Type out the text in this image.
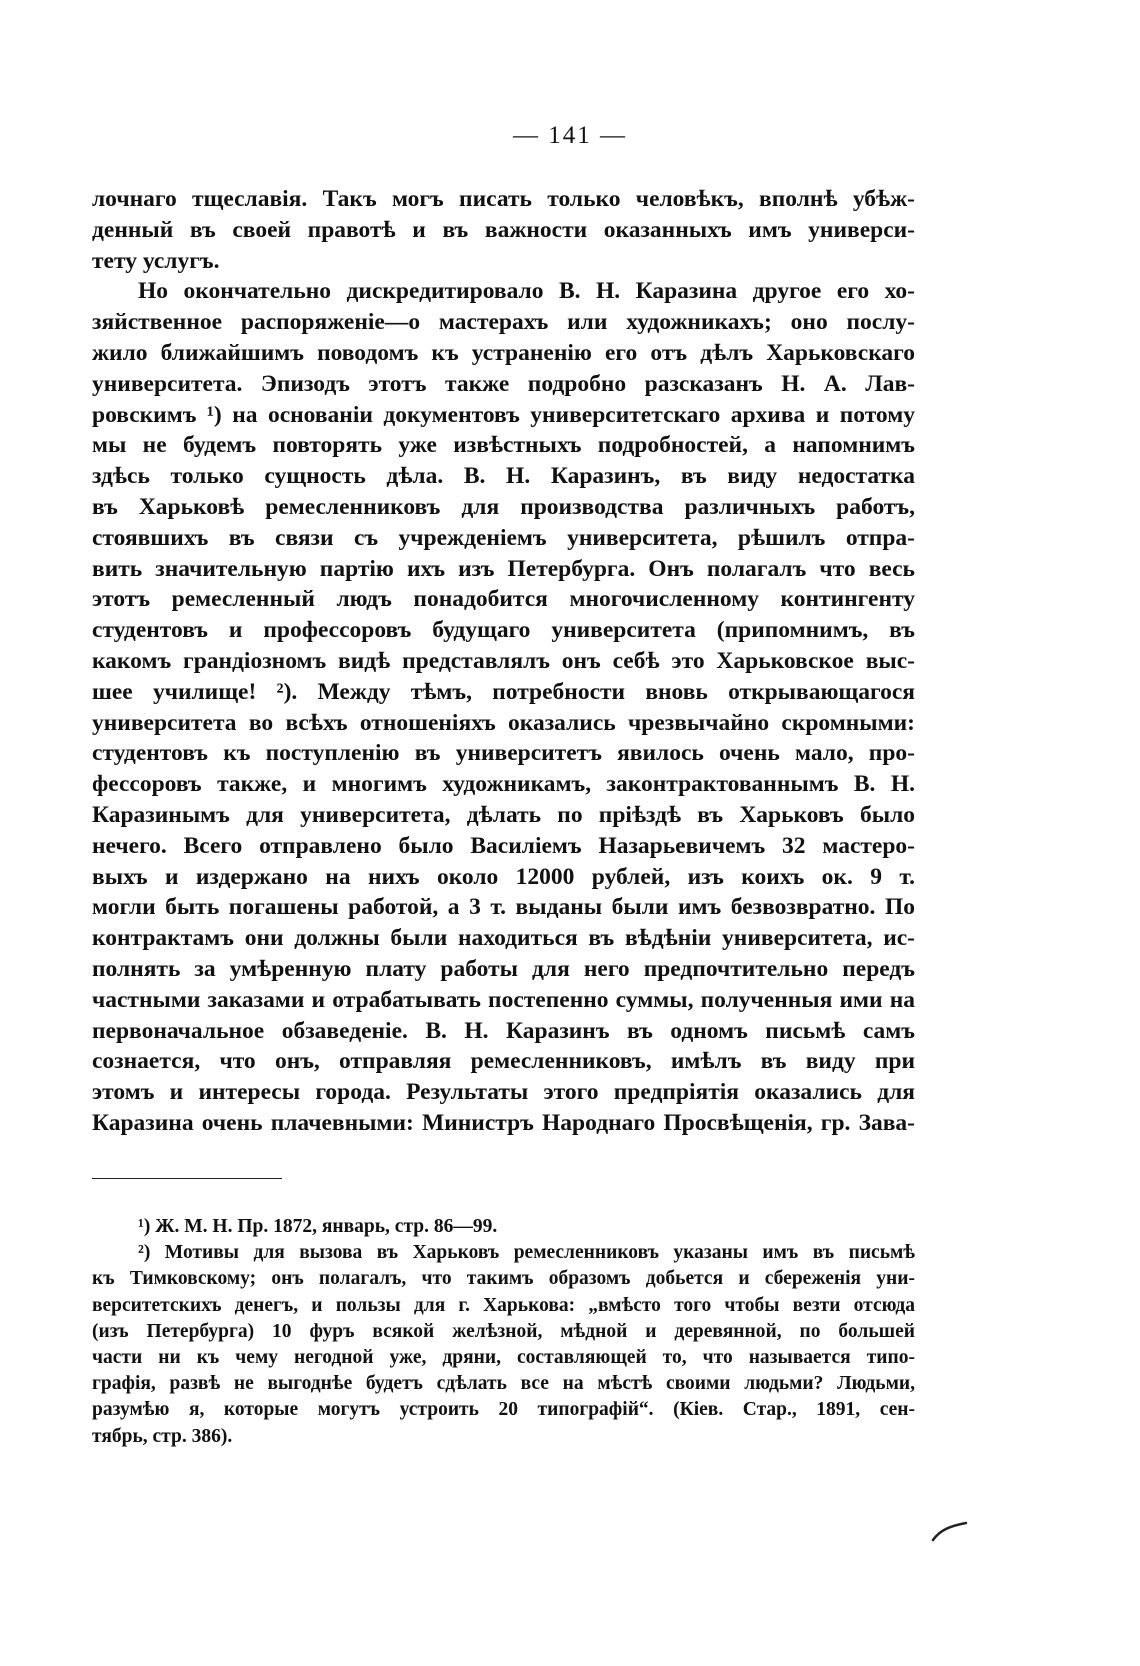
— 141 —
лочнаго тщеславія. Такъ могъ писать только человѣкъ, вполнѣ убѣж-
денный въ своей правотѣ и въ важности оказанныхъ имъ универси-
тету услугъ.
Но окончательно дискредитировало В. Н. Каразина другое его хо-
зяйственное распоряженіе—о мастерахъ или художникахъ; оно послу-
жило ближайшимъ поводомъ къ устраненію его отъ дѣлъ Харьковскаго
университета. Эпизодъ этотъ также подробно разсказанъ Н. А. Лав-
ровскимъ ¹) на основаніи документовъ университетскаго архива и потому
мы не будемъ повторять уже извѣстныхъ подробностей, а напомнимъ
здѣсь только сущность дѣла. В. Н. Каразинъ, въ виду недостатка
въ Харьковѣ ремесленниковъ для производства различныхъ работъ,
стоявшихъ въ связи съ учрежденіемъ университета, рѣшилъ отпра-
вить значительную партію ихъ изъ Петербурга. Онъ полагалъ что весь
этотъ ремесленный людъ понадобится многочисленному контингенту
студентовъ и профессоровъ будущаго университета (припомнимъ, въ
какомъ грандіозномъ видѣ представлялъ онъ себѣ это Харьковское выс-
шее училище! ²). Между тѣмъ, потребности вновь открывающагося
университета во всѣхъ отношеніяхъ оказались чрезвычайно скромными:
студентовъ къ поступленію въ университетъ явилось очень мало, про-
фессоровъ также, и многимъ художникамъ, законтрактованнымъ В. Н.
Каразинымъ для университета, дѣлать по пріѣздѣ въ Харьковъ было
нечего. Всего отправлено было Василіемъ Назарьевичемъ 32 мастеро-
выхъ и издержано на нихъ около 12000 рублей, изъ коихъ ок. 9 т.
могли быть погашены работой, а 3 т. выданы были имъ безвозвратно. По
контрактамъ они должны были находиться въ вѣдѣніи университета, ис-
полнять за умѣренную плату работы для него предпочтительно передъ
частными заказами и отрабатывать постепенно суммы, полученныя ими на
первоначальное обзаведеніе. В. Н. Каразинъ въ одномъ письмѣ самъ
сознается, что онъ, отправляя ремесленниковъ, имѣлъ въ виду при
этомъ и интересы города. Результаты этого предпріятія оказались для
Каразина очень плачевными: Министръ Народнаго Просвѣщенія, гр. Зава-
¹) Ж. М. Н. Пр. 1872, январь, стр. 86—99.
²) Мотивы для вызова въ Харьковъ ремесленниковъ указаны имъ въ письмѣ
къ Тимковскому; онъ полагалъ, что такимъ образомъ добьется и сбереженія уни-
верситетскихъ денегъ, и пользы для г. Харькова: „вмѣсто того чтобы везти отсюда
(изъ Петербурга) 10 фуръ всякой желѣзной, мѣдной и деревянной, по большей
части ни къ чему негодной уже, дряни, составляющей то, что называется типо-
графія, развѣ не выгоднѣе будетъ сдѣлать все на мѣстѣ своими людьми? Людьми,
разумѣю я, которые могутъ устроить 20 типографій“. (Кіев. Стар., 1891, сен-
тябрь, стр. 386).
